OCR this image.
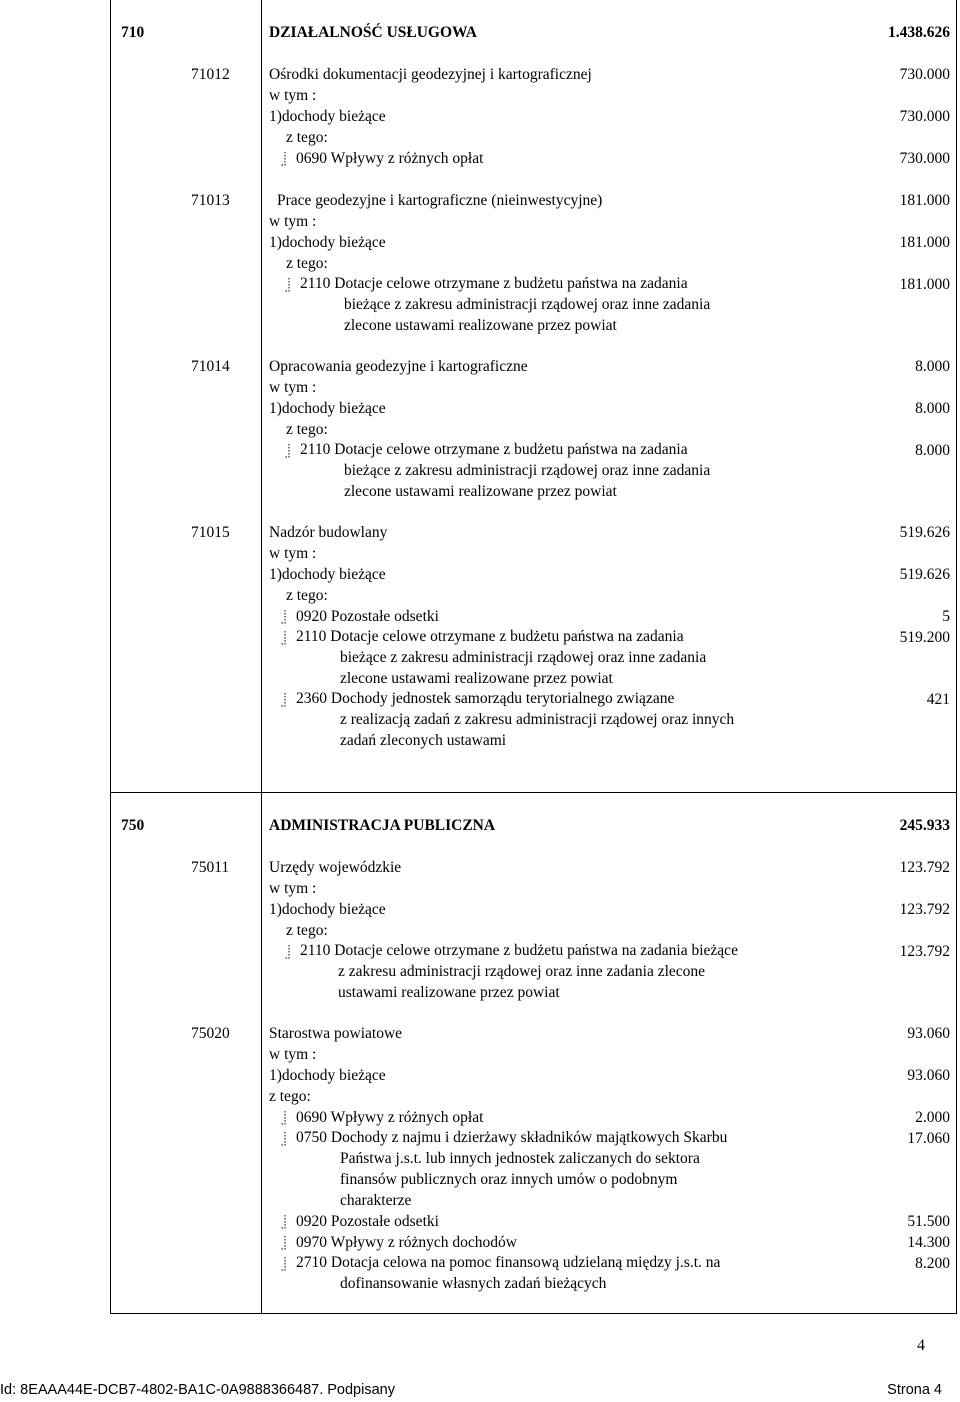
710	DZIAŁALNOŚĆ USŁUGOWA	1.438.626
71012	Ośrodki dokumentacji geodezyjnej i kartograficznej	730.000
w tym :
1)dochody bieżące	730.000
z tego:
0690 Wpływy z różnych opłat	730.000
71013	Prace geodezyjne i kartograficzne (nieinwestycyjne)	181.000
w tym :
1)dochody bieżące	181.000
z tego:
2110 Dotacje celowe otrzymane z budżetu państwa na zadania
bieżące z zakresu administracji rządowej oraz inne zadania
zlecone ustawami realizowane przez powiat
181.000
71014	Opracowania geodezyjne i kartograficzne	8.000
w tym :
1)dochody bieżące	8.000
z tego:
2110 Dotacje celowe otrzymane z budżetu państwa na zadania
bieżące z zakresu administracji rządowej oraz inne zadania
zlecone ustawami realizowane przez powiat
8.000
71015	Nadzór budowlany	519.626
w tym :
1)dochody bieżące	519.626
z tego:
0920 Pozostałe odsetki	5
2110 Dotacje celowe otrzymane z budżetu państwa na zadania
bieżące z zakresu administracji rządowej oraz inne zadania
zlecone ustawami realizowane przez powiat
519.200
2360 Dochody jednostek samorządu terytorialnego związane
z realizacją zadań z zakresu administracji rządowej oraz innych
zadań zleconych ustawami
421
750	ADMINISTRACJA PUBLICZNA	245.933
75011	Urzędy wojewódzkie	123.792
w tym :
1)dochody bieżące	123.792
z tego:
2110 Dotacje celowe otrzymane z budżetu państwa na zadania bieżące
z zakresu administracji rządowej oraz inne zadania zlecone
ustawami realizowane przez powiat
123.792
75020	Starostwa powiatowe	93.060
w tym :
1)dochody bieżące	93.060
z tego:
0690 Wpływy z różnych opłat	2.000
0750 Dochody z najmu i dzierżawy składników majątkowych Skarbu
Państwa j.s.t. lub innych jednostek zaliczanych do sektora
finansów publicznych oraz innych umów o podobnym
charakterze
17.060
0920 Pozostałe odsetki	51.500
0970 Wpływy z różnych dochodów	14.300
2710 Dotacja celowa na pomoc finansową udzielaną między j.s.t. na
dofinansowanie własnych zadań bieżących
8.200
4
Id: 8EAAA44E-DCB7-4802-BA1C-0A9888366487. Podpisany	Strona 4
